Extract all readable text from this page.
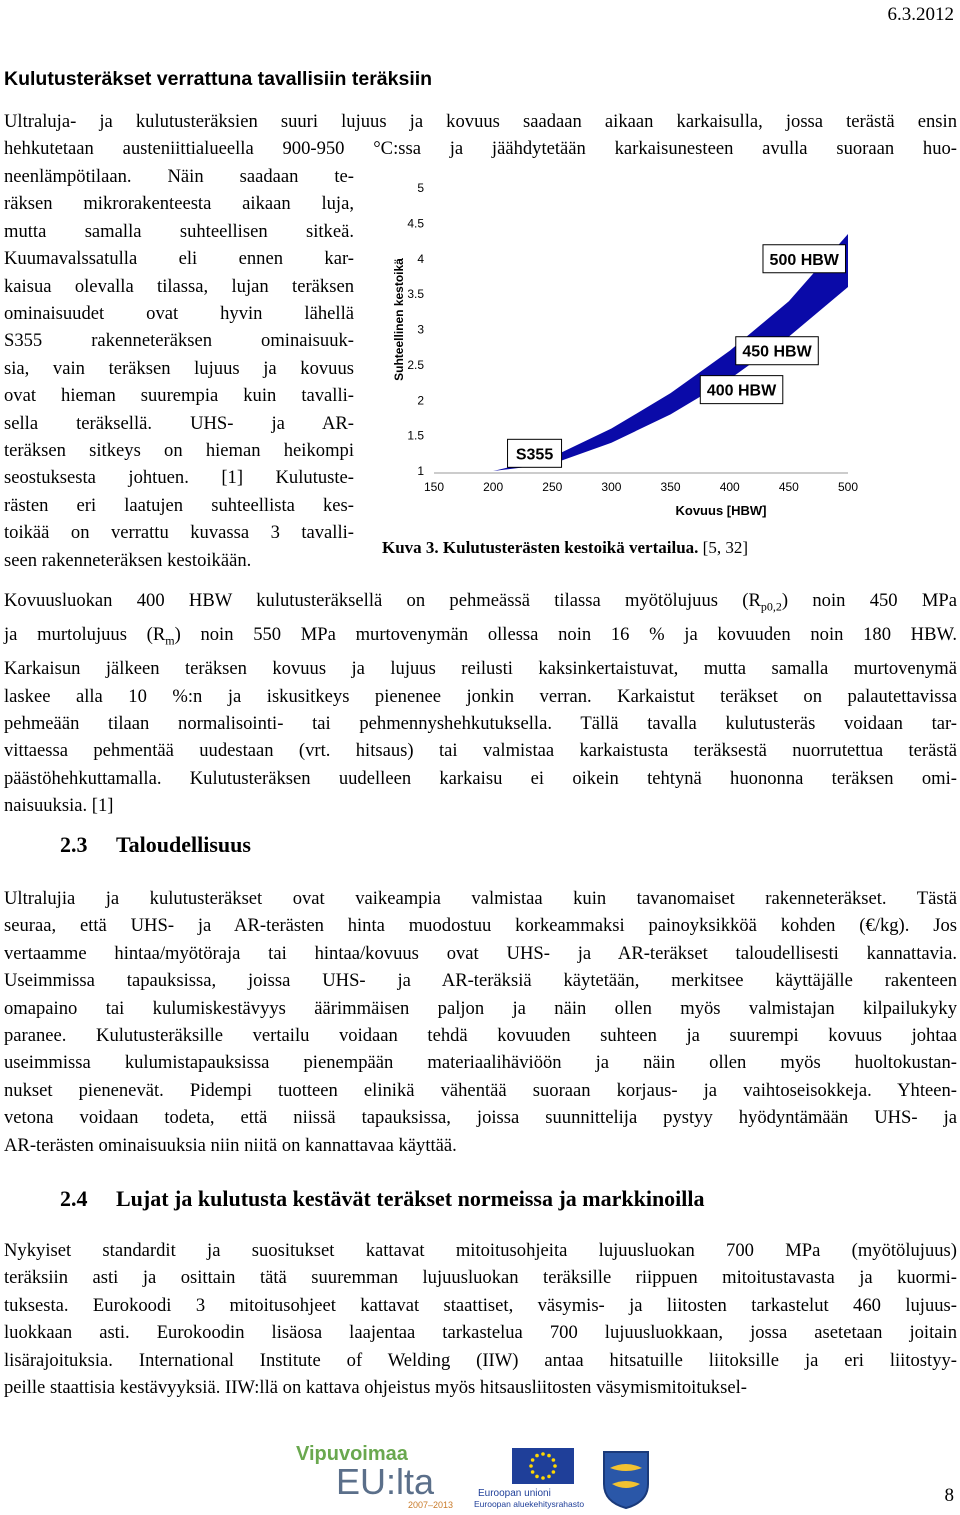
6.3.2012
Kulutusteräkset verrattuna tavallisiin teräksiin
Ultraluja- ja kulutusteräksien suuri lujuus ja kovuus saadaan aikaan karkaisulla, jossa terästä ensin
hehkutetaan austeniittialueella 900-950 °C:ssa ja jäähdytetään karkaisunesteen avulla suoraan huo-
neenlämpötilaan. Näin saadaan te-
räksen mikrorakenteesta aikaan luja,
mutta samalla suhteellisen sitkeä.
Kuumavalssatulla eli ennen kar-
kaisua olevalla tilassa, lujan teräksen
ominaisuudet ovat hyvin lähellä
S355 rakenneteräksen ominaisuuk-
sia, vain teräksen lujuus ja kovuus
ovat hieman suurempia kuin tavalli-
sella teräksellä. UHS- ja AR-
teräksen sitkeys on hieman heikompi
seostuksesta johtuen. [1] Kulutuste-
rästen eri laatujen suhteellista kes-
toikää on verrattu kuvassa 3 tavalli-
seen rakenneteräksen kestoikään.
1
1.5
2
2.5
3
3.5
4
4.5
5
150	200	250	300	350	400	450	500
Suhteellinen kestoikä
Kovuus [HBW]
S355
400 HBW
450 HBW
500 HBW
Kuva 3. Kulutusterästen kestoikä vertailua. [5, 32]
Kovuusluokan 400 HBW kulutusteräksellä on pehmeässä tilassa myötölujuus $(R_{p0,2})$ noin 450 MPa
ja murtolujuus $(R_m)$ noin 550 MPa murtovenymän ollessa noin 16 % ja kovuuden noin 180 HBW.
Karkaisun jälkeen teräksen kovuus ja lujuus reilusti kaksinkertaistuvat, mutta samalla murtovenymä
laskee alla 10 %:n ja iskusitkeys pienenee jonkin verran. Karkaistut teräkset on palautettavissa
pehmeään tilaan normalisointi- tai pehmennyshehkutuksella. Tällä tavalla kulutusteräs voidaan tar-
vittaessa pehmentää uudestaan (vrt. hitsaus) tai valmistaa karkaistusta teräksestä nuorrutettua terästä
päästöhehkuttamalla. Kulutusteräksen uudelleen karkaisu ei oikein tehtynä huononna teräksen omi-
naisuuksia. [1]
2.3 Taloudellisuus
Ultralujia ja kulutusteräkset ovat vaikeampia valmistaa kuin tavanomaiset rakenneteräkset. Tästä
seuraa, että UHS- ja AR-terästen hinta muodostuu korkeammaksi painoyksikköä kohden (€/kg). Jos
vertaamme hintaa/myötöraja tai hintaa/kovuus ovat UHS- ja AR-teräkset taloudellisesti kannattavia.
Useimmissa tapauksissa, joissa UHS- ja AR-teräksiä käytetään, merkitsee käyttäjälle rakenteen
omapaino tai kulumiskestävyys äärimmäisen paljon ja näin ollen myös valmistajan kilpailukyky
paranee. Kulutusteräksille vertailu voidaan tehdä kovuuden suhteen ja suurempi kovuus johtaa
useimmissa kulumistapauksissa pienempään materiaalihäviöön ja näin ollen myös huoltokustan-
nukset pienenevät. Pidempi tuotteen elinikä vähentää suoraan korjaus- ja vaihtoseisokkeja. Yhteen-
vetona voidaan todeta, että niissä tapauksissa, joissa suunnittelija pystyy hyödyntämään UHS- ja
AR-terästen ominaisuuksia niin niitä on kannattavaa käyttää.
2.4 Lujat ja kulutusta kestävät teräkset normeissa ja markkinoilla
Nykyiset standardit ja suositukset kattavat mitoitusohjeita lujuusluokan 700 MPa (myötölujuus)
teräksiin asti ja osittain tätä suuremman lujuusluokan teräksille riippuen mitoitustavasta ja kuormi-
tuksesta. Eurokoodi 3 mitoitusohjeet kattavat staattiset, väsymis- ja liitosten tarkastelut 460 lujuus-
luokkaan asti. Eurokoodin lisäosa laajentaa tarkastelua 700 lujuusluokkaan, jossa asetetaan joitain
lisärajoituksia. International Institute of Welding (IIW) antaa hitsatuille liitoksille ja eri liitostyy-
peille staattisia kestävyyksiä. IIW:llä on kattava ohjeistus myös hitsausliitosten väsymismitoituksel-
Vipuvoimaa
EU:lta
2007–2013
Euroopan unioni
Euroopan aluekehitysrahasto	8
